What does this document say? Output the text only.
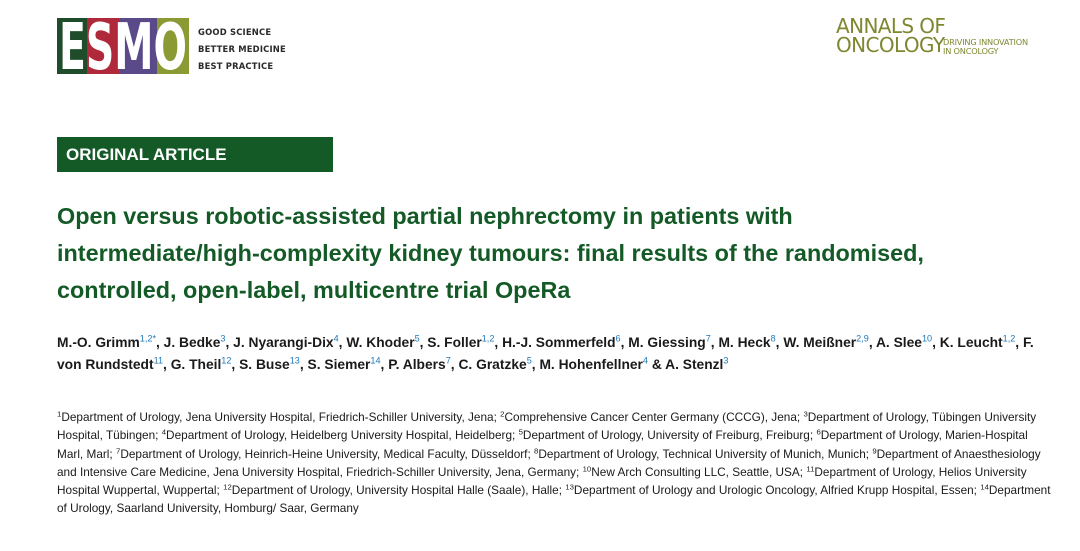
ESMO GOOD SCIENCE
BETTER MEDICINE
BEST PRACTICE
ANNALS OF
ONCOLOGY
DRIVING INNOVATION
IN ONCOLOGY
ORIGINAL ARTICLE
Open versus robotic-assisted partial nephrectomy in patients with intermediate/high-complexity kidney tumours: final results of the randomised, controlled, open-label, multicentre trial OpeRa

M.-O. Grimm$^{1,2*}$, J. Bedke$^3$, J. Nyarangi-Dix$^4$, W. Khoder$^5$, S. Foller$^{1,2}$, H.-J. Sommerfeld$^6$, M. Giessing$^7$, M. Heck$^8$, W. Meißner$^{2,9}$, A. Slee$^{10}$, K. Leucht$^{1,2}$, F. von Rundstedt$^{11}$, G. Theil$^{12}$, S. Buse$^{13}$, S. Siemer$^{14}$, P. Albers$^7$, C. Gratzke$^5$, M. Hohenfellner$^4$ & A. Stenzl$^3$

$^1$Department of Urology, Jena University Hospital, Friedrich-Schiller University, Jena; $^2$Comprehensive Cancer Center Germany (CCCG), Jena; $^3$Department of Urology, Tübingen University Hospital, Tübingen; $^4$Department of Urology, Heidelberg University Hospital, Heidelberg; $^5$Department of Urology, University of Freiburg, Freiburg; $^6$Department of Urology, Marien-Hospital Marl, Marl; $^7$Department of Urology, Heinrich-Heine University, Medical Faculty, Düsseldorf; $^8$Department of Urology, Technical University of Munich, Munich; $^9$Department of Anaesthesiology and Intensive Care Medicine, Jena University Hospital, Friedrich-Schiller University, Jena, Germany; $^{10}$New Arch Consulting LLC, Seattle, USA; $^{11}$Department of Urology, Helios University Hospital Wuppertal, Wuppertal; $^{12}$Department of Urology, University Hospital Halle (Saale), Halle; $^{13}$Department of Urology and Urologic Oncology, Alfried Krupp Hospital, Essen; $^{14}$Department of Urology, Saarland University, Homburg/ Saar, Germany
